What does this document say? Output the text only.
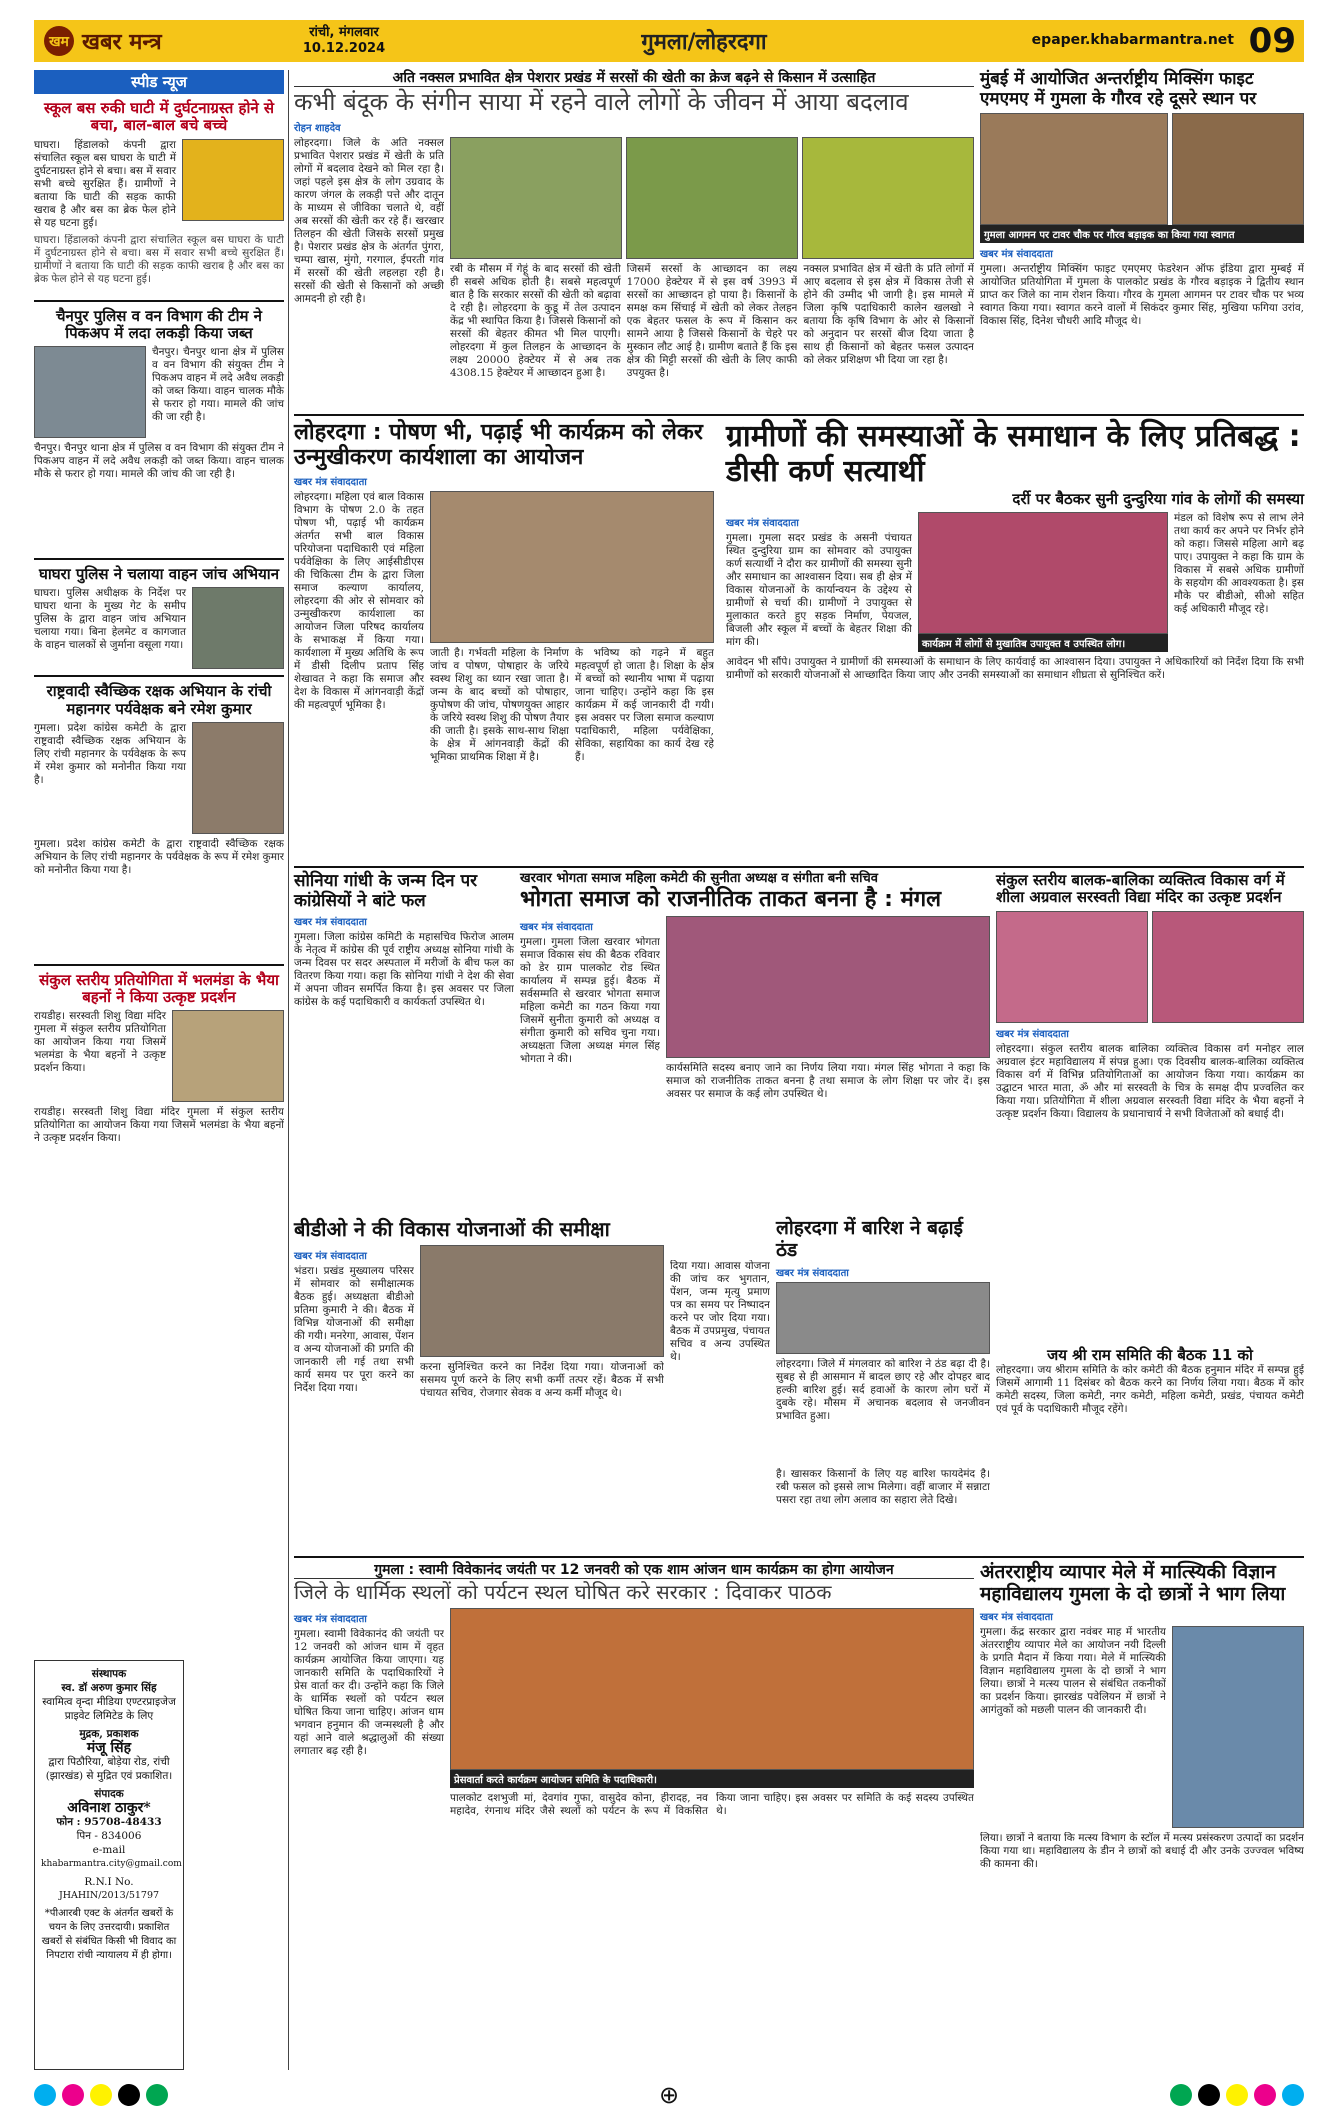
खम खबर मन्त्र	रांची, मंगलवार
10.12.2024	गुमला/लोहरदगा	epaper.khabarmantra.net 09
स्पीड न्यूज
स्कूल बस रुकी घाटी में दुर्घटनाग्रस्त होने से बचा, बाल-बाल बचे बच्चे
घाघरा। हिंडालको कंपनी द्वारा संचालित स्कूल बस घाघरा के घाटी में दुर्घटनाग्रस्त होने से बचा। बस में सवार सभी बच्चे सुरक्षित हैं। ग्रामीणों ने बताया कि घाटी की सड़क काफी खराब है और बस का ब्रेक फेल होने से यह घटना हुई।
घाघरा। हिंडालको कंपनी द्वारा संचालित स्कूल बस घाघरा के घाटी में दुर्घटनाग्रस्त होने से बचा। बस में सवार सभी बच्चे सुरक्षित हैं। ग्रामीणों ने बताया कि घाटी की सड़क काफी खराब है और बस का ब्रेक फेल होने से यह घटना हुई।
चैनपुर पुलिस व वन विभाग की टीम ने पिकअप में लदा लकड़ी किया जब्त
चैनपुर। चैनपुर थाना क्षेत्र में पुलिस व वन विभाग की संयुक्त टीम ने पिकअप वाहन में लदे अवैध लकड़ी को जब्त किया। वाहन चालक मौके से फरार हो गया। मामले की जांच की जा रही है।
चैनपुर। चैनपुर थाना क्षेत्र में पुलिस व वन विभाग की संयुक्त टीम ने पिकअप वाहन में लदे अवैध लकड़ी को जब्त किया। वाहन चालक मौके से फरार हो गया। मामले की जांच की जा रही है।
घाघरा पुलिस ने चलाया वाहन जांच अभियान
घाघरा। पुलिस अधीक्षक के निर्देश पर घाघरा थाना के मुख्य गेट के समीप पुलिस के द्वारा वाहन जांच अभियान चलाया गया। बिना हेलमेट व कागजात के वाहन चालकों से जुर्माना वसूला गया।
राष्ट्रवादी स्वैच्छिक रक्षक अभियान के रांची महानगर पर्यवेक्षक बने रमेश कुमार
गुमला। प्रदेश कांग्रेस कमेटी के द्वारा राष्ट्रवादी स्वैच्छिक रक्षक अभियान के लिए रांची महानगर के पर्यवेक्षक के रूप में रमेश कुमार को मनोनीत किया गया है।
गुमला। प्रदेश कांग्रेस कमेटी के द्वारा राष्ट्रवादी स्वैच्छिक रक्षक अभियान के लिए रांची महानगर के पर्यवेक्षक के रूप में रमेश कुमार को मनोनीत किया गया है।
संकुल स्तरीय प्रतियोगिता में भलमंडा के भैया बहनों ने किया उत्कृष्ट प्रदर्शन
रायडीह। सरस्वती शिशु विद्या मंदिर गुमला में संकुल स्तरीय प्रतियोगिता का आयोजन किया गया जिसमें भलमंडा के भैया बहनों ने उत्कृष्ट प्रदर्शन किया।
रायडीह। सरस्वती शिशु विद्या मंदिर गुमला में संकुल स्तरीय प्रतियोगिता का आयोजन किया गया जिसमें भलमंडा के भैया बहनों ने उत्कृष्ट प्रदर्शन किया।
संस्थापक
स्व. डॉ अरुण कुमार सिंह
स्वामित्व वृन्दा मीडिया एण्टरप्राइजेज प्राइवेट लिमिटेड के लिए
मुद्रक, प्रकाशक
मंजू सिंह
द्वारा पिठौरिया, बोड़ेया रोड, रांची (झारखंड) से मुद्रित एवं प्रकाशित।
संपादक
अविनाश ठाकुर*
फोन : 95708-48433
पिन - 834006
e-mail
khabarmantra.city@gmail.com
R.N.I No.
JHAHIN/2013/51797
*पीआरबी एक्ट के अंतर्गत खबरों के चयन के लिए उत्तरदायी। प्रकाशित खबरों से संबंधित किसी भी विवाद का निपटारा रांची न्यायालय में ही होगा।
अति नक्सल प्रभावित क्षेत्र पेशरार प्रखंड में सरसों की खेती का क्रेज बढ़ने से किसान में उत्साहित
कभी बंदूक के संगीन साया में रहने वाले लोगों के जीवन में आया बदलाव
रोहन शाहदेव
लोहरदगा। जिले के अति नक्सल प्रभावित पेशरार प्रखंड में खेती के प्रति लोगों में बदलाव देखने को मिल रहा है। जहां पहले इस क्षेत्र के लोग उग्रवाद के कारण जंगल के लकड़ी पत्ते और दातून के माध्यम से जीविका चलाते थे, वहीं अब सरसों की खेती कर रहे हैं। खरखार तिलहन की खेती जिसके सरसों प्रमुख है। पेशरार प्रखंड क्षेत्र के अंतर्गत पुंगरा, चम्पा खास, मुंगो, गरगाल, ईपरती गांव में सरसों की खेती लहलहा रही है। सरसों की खेती से किसानों को अच्छी आमदनी हो रही है।
रबी के मौसम में गेहूं के बाद सरसों की खेती ही सबसे अधिक होती है। सबसे महत्वपूर्ण बात है कि सरकार सरसों की खेती को बढ़ावा दे रही है। लोहरदगा के कुडू में तेल उत्पादन केंद्र भी स्थापित किया है। जिससे किसानों को सरसों की बेहतर कीमत भी मिल पाएगी। लोहरदगा में कुल तिलहन के आच्छादन के लक्ष्य 20000 हेक्टेयर में से अब तक 4308.15 हेक्टेयर में आच्छादन हुआ है।
जिसमें सरसों के आच्छादन का लक्ष्य 17000 हेक्टेयर में से इस वर्ष 3993 में सरसों का आच्छादन हो पाया है। किसानों के समक्ष कम सिंचाई में खेती को लेकर तेलहन एक बेहतर फसल के रूप में किसान कर सामने आया है जिससे किसानों के चेहरे पर मुस्कान लौट आई है। ग्रामीण बताते हैं कि इस क्षेत्र की मिट्टी सरसों की खेती के लिए काफी उपयुक्त है।
नक्सल प्रभावित क्षेत्र में खेती के प्रति लोगों में आए बदलाव से इस क्षेत्र में विकास तेजी से होने की उम्मीद भी जागी है। इस मामले में जिला कृषि पदाधिकारी कालेन खलखो ने बताया कि कृषि विभाग के ओर से किसानों को अनुदान पर सरसों बीज दिया जाता है साथ ही किसानों को बेहतर फसल उत्पादन को लेकर प्रशिक्षण भी दिया जा रहा है।
मुंबई में आयोजित अन्तर्राष्ट्रीय मिक्सिंग फाइट एमएमए में गुमला के गौरव रहे दूसरे स्थान पर
गुमला आगमन पर टावर चौक पर गौरव बड़ाइक का किया गया स्वागत
खबर मंत्र संवाददाता
गुमला। अन्तर्राष्ट्रीय मिक्सिंग फाइट एमएमए फेडरेशन ऑफ इंडिया द्वारा मुम्बई में आयोजित प्रतियोगिता में गुमला के पालकोट प्रखंड के गौरव बड़ाइक ने द्वितीय स्थान प्राप्त कर जिले का नाम रोशन किया। गौरव के गुमला आगमन पर टावर चौक पर भव्य स्वागत किया गया। स्वागत करने वालों में सिकंदर कुमार सिंह, मुखिया फगिया उरांव, विकास सिंह, दिनेश चौधरी आदि मौजूद थे।
लोहरदगा : पोषण भी, पढ़ाई भी कार्यक्रम को लेकर उन्मुखीकरण कार्यशाला का आयोजन
खबर मंत्र संवाददाता
लोहरदगा। महिला एवं बाल विकास विभाग के पोषण 2.0 के तहत पोषण भी, पढ़ाई भी कार्यक्रम अंतर्गत सभी बाल विकास परियोजना पदाधिकारी एवं महिला पर्यवेक्षिका के लिए आईसीडीएस की चिकित्सा टीम के द्वारा जिला समाज कल्याण कार्यालय, लोहरदगा की ओर से सोमवार को उन्मुखीकरण कार्यशाला का आयोजन जिला परिषद कार्यालय के सभाकक्ष में किया गया। कार्यशाला में मुख्य अतिथि के रूप में डीसी दिलीप प्रताप सिंह शेखावत ने कहा कि समाज और देश के विकास में आंगनवाड़ी केंद्रों की महत्वपूर्ण भूमिका है।
जाती है। गर्भवती महिला के निर्माण जांच व पोषण, पोषाहार के जरिये स्वस्थ शिशु का ध्यान रखा जाता है। जन्म के बाद बच्चों को पोषाहार, कुपोषण की जांच, पोषणयुक्त आहार के जरिये स्वस्थ शिशु की पोषण तैयार की जाती है। इसके साथ-साथ शिक्षा के क्षेत्र में आंगनवाड़ी केंद्रों की भूमिका प्राथमिक शिक्षा में है।
के भविष्य को गढ़ने में बहुत महत्वपूर्ण हो जाता है। शिक्षा के क्षेत्र में बच्चों को स्थानीय भाषा में पढ़ाया जाना चाहिए। उन्होंने कहा कि इस कार्यक्रम में कई जानकारी दी गयी। इस अवसर पर जिला समाज कल्याण पदाधिकारी, महिला पर्यवेक्षिका, सेविका, सहायिका का कार्य देख रहे हैं।
ग्रामीणों की समस्याओं के समाधान के लिए प्रतिबद्ध : डीसी कर्ण सत्यार्थी
दर्री पर बैठकर सुनी दुन्दुरिया गांव के लोगों की समस्या
खबर मंत्र संवाददाता
गुमला। गुमला सदर प्रखंड के असनी पंचायत स्थित दुन्दुरिया ग्राम का सोमवार को उपायुक्त कर्ण सत्यार्थी ने दौरा कर ग्रामीणों की समस्या सुनी और समाधान का आश्वासन दिया। सब ही क्षेत्र में विकास योजनाओं के कार्यान्वयन के उद्देश्य से ग्रामीणों से चर्चा की। ग्रामीणों ने उपायुक्त से मुलाकात करते हुए सड़क निर्माण, पेयजल, बिजली और स्कूल में बच्चों के बेहतर शिक्षा की मांग की।	कार्यक्रम में लोगों से मुखातिब उपायुक्त व उपस्थित लोग।
मंडल को विशेष रूप से लाभ लेने तथा कार्य कर अपने पर निर्भर होने को कहा। जिससे महिला आगे बढ़ पाए। उपायुक्त ने कहा कि ग्राम के विकास में सबसे अधिक ग्रामीणों के सहयोग की आवश्यकता है। इस मौके पर बीडीओ, सीओ सहित कई अधिकारी मौजूद रहे।
आवेदन भी सौंपे। उपायुक्त ने ग्रामीणों की समस्याओं के समाधान के लिए कार्यवाई का आश्वासन दिया। उपायुक्त ने अधिकारियों को निर्देश दिया कि सभी ग्रामीणों को सरकारी योजनाओं से आच्छादित किया जाए और उनकी समस्याओं का समाधान शीघ्रता से सुनिश्चित करें।
सोनिया गांधी के जन्म दिन पर कांग्रेसियों ने बांटे फल
खबर मंत्र संवाददाता
गुमला। जिला कांग्रेस कमिटी के महासचिव फिरोज आलम के नेतृत्व में कांग्रेस की पूर्व राष्ट्रीय अध्यक्ष सोनिया गांधी के जन्म दिवस पर सदर अस्पताल में मरीजों के बीच फल का वितरण किया गया। कहा कि सोनिया गांधी ने देश की सेवा में अपना जीवन समर्पित किया है। इस अवसर पर जिला कांग्रेस के कई पदाधिकारी व कार्यकर्ता उपस्थित थे।
खरवार भोगता समाज महिला कमेटी की सुनीता अध्यक्ष व संगीता बनी सचिव
भोगता समाज को राजनीतिक ताकत बनना है : मंगल
खबर मंत्र संवाददाता
गुमला। गुमला जिला खरवार भोगता समाज विकास संघ की बैठक रविवार को डेर ग्राम पालकोट रोड स्थित कार्यालय में सम्पन्न हुई। बैठक में सर्वसम्मति से खरवार भोगता समाज महिला कमेटी का गठन किया गया जिसमें सुनीता कुमारी को अध्यक्ष व संगीता कुमारी को सचिव चुना गया। अध्यक्षता जिला अध्यक्ष मंगल सिंह भोगता ने की।
कार्यसमिति सदस्य बनाए जाने का निर्णय लिया गया। मंगल सिंह भोगता ने कहा कि समाज को राजनीतिक ताकत बनना है तथा समाज के लोग शिक्षा पर जोर दें। इस अवसर पर समाज के कई लोग उपस्थित थे।
संकुल स्तरीय बालक-बालिका व्यक्तित्व विकास वर्ग में शीला अग्रवाल सरस्वती विद्या मंदिर का उत्कृष्ट प्रदर्शन
खबर मंत्र संवाददाता
लोहरदगा। संकुल स्तरीय बालक बालिका व्यक्तित्व विकास वर्ग मनोहर लाल अग्रवाल इंटर महाविद्यालय में संपन्न हुआ। एक दिवसीय बालक-बालिका व्यक्तित्व विकास वर्ग में विभिन्न प्रतियोगिताओं का आयोजन किया गया। कार्यक्रम का उद्घाटन भारत माता, ॐ और मां सरस्वती के चित्र के समक्ष दीप प्रज्वलित कर किया गया। प्रतियोगिता में शीला अग्रवाल सरस्वती विद्या मंदिर के भैया बहनों ने उत्कृष्ट प्रदर्शन किया। विद्यालय के प्रधानाचार्य ने सभी विजेताओं को बधाई दी।
जय श्री राम समिति की बैठक 11 को
लोहरदगा। जय श्रीराम समिति के कोर कमेटी की बैठक हनुमान मंदिर में सम्पन्न हुई जिसमें आगामी 11 दिसंबर को बैठक करने का निर्णय लिया गया। बैठक में कोर कमेटी सदस्य, जिला कमेटी, नगर कमेटी, महिला कमेटी, प्रखंड, पंचायत कमेटी एवं पूर्व के पदाधिकारी मौजूद रहेंगे।
बीडीओ ने की विकास योजनाओं की समीक्षा
खबर मंत्र संवाददाता
भंडरा। प्रखंड मुख्यालय परिसर में सोमवार को समीक्षात्मक बैठक हुई। अध्यक्षता बीडीओ प्रतिमा कुमारी ने की। बैठक में विभिन्न योजनाओं की समीक्षा की गयी। मनरेगा, आवास, पेंशन व अन्य योजनाओं की प्रगति की जानकारी ली गई तथा सभी कार्य समय पर पूरा करने का निर्देश दिया गया।
करना सुनिश्चित करने का निर्देश दिया गया। योजनाओं को ससमय पूर्ण करने के लिए सभी कर्मी तत्पर रहें। बैठक में सभी पंचायत सचिव, रोजगार सेवक व अन्य कर्मी मौजूद थे।
दिया गया। आवास योजना की जांच कर भुगतान, पेंशन, जन्म मृत्यु प्रमाण पत्र का समय पर निष्पादन करने पर जोर दिया गया। बैठक में उपप्रमुख, पंचायत सचिव व अन्य उपस्थित थे।
लोहरदगा में बारिश ने बढ़ाई ठंड
खबर मंत्र संवाददाता
लोहरदगा। जिले में मंगलवार को बारिश ने ठंड बढ़ा दी है। सुबह से ही आसमान में बादल छाए रहे और दोपहर बाद हल्की बारिश हुई। सर्द हवाओं के कारण लोग घरों में दुबके रहे। मौसम में अचानक बदलाव से जनजीवन प्रभावित हुआ।
है। खासकर किसानों के लिए यह बारिश फायदेमंद है। रबी फसल को इससे लाभ मिलेगा। वहीं बाजार में सन्नाटा पसरा रहा तथा लोग अलाव का सहारा लेते दिखे।
गुमला : स्वामी विवेकानंद जयंती पर 12 जनवरी को एक शाम आंजन धाम कार्यक्रम का होगा आयोजन
जिले के धार्मिक स्थलों को पर्यटन स्थल घोषित करे सरकार : दिवाकर पाठक
खबर मंत्र संवाददाता
गुमला। स्वामी विवेकानंद की जयंती पर 12 जनवरी को आंजन धाम में वृहत कार्यक्रम आयोजित किया जाएगा। यह जानकारी समिति के पदाधिकारियों ने प्रेस वार्ता कर दी। उन्होंने कहा कि जिले के धार्मिक स्थलों को पर्यटन स्थल घोषित किया जाना चाहिए। आंजन धाम भगवान हनुमान की जन्मस्थली है और यहां आने वाले श्रद्धालुओं की संख्या लगातार बढ़ रही है।
प्रेसवार्ता करते कार्यक्रम आयोजन समिति के पदाधिकारी।
पालकोट दशभुजी मां, देवगांव गुफा, वासुदेव कोना, हीरादह, नव महादेव, रंगनाथ मंदिर जैसे स्थलों को पर्यटन के रूप में विकसित किया जाना चाहिए। इस अवसर पर समिति के कई सदस्य उपस्थित थे।
अंतरराष्ट्रीय व्यापार मेले में मात्स्यिकी विज्ञान महाविद्यालय गुमला के दो छात्रों ने भाग लिया
खबर मंत्र संवाददाता
गुमला। केंद्र सरकार द्वारा नवंबर माह में भारतीय अंतरराष्ट्रीय व्यापार मेले का आयोजन नयी दिल्ली के प्रगति मैदान में किया गया। मेले में मात्स्यिकी विज्ञान महाविद्यालय गुमला के दो छात्रों ने भाग लिया। छात्रों ने मत्स्य पालन से संबंधित तकनीकों का प्रदर्शन किया। झारखंड पवेलियन में छात्रों ने आगंतुकों को मछली पालन की जानकारी दी।
लिया। छात्रों ने बताया कि मत्स्य विभाग के स्टॉल में मत्स्य प्रसंस्करण उत्पादों का प्रदर्शन किया गया था। महाविद्यालय के डीन ने छात्रों को बधाई दी और उनके उज्ज्वल भविष्य की कामना की।
⊕
